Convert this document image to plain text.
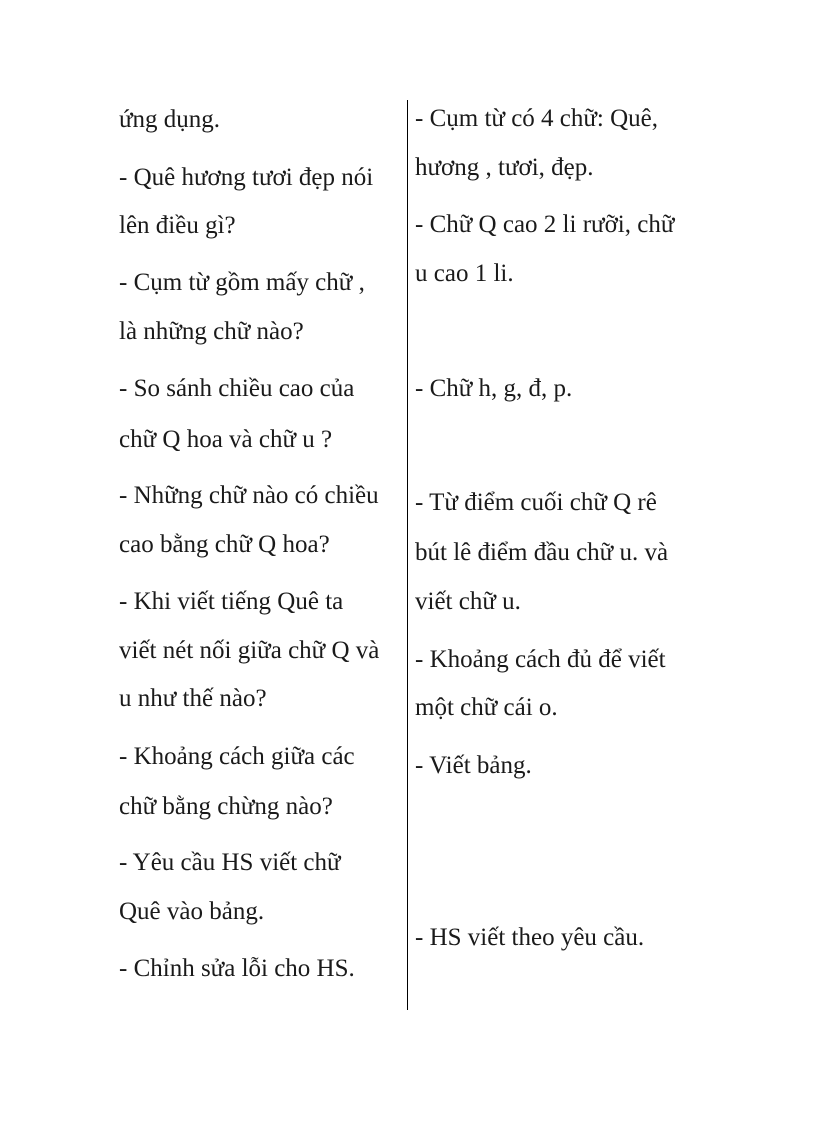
ứng dụng.
- Quê hương tươi đẹp nói
lên điều gì?
- Cụm từ gồm mấy chữ ,
là những chữ nào?
- So sánh chiều cao của
chữ Q hoa và chữ u ?
- Những chữ nào có chiều
cao bằng chữ Q hoa?
- Khi viết tiếng Quê ta
viết nét nối giữa chữ Q và
u như thế nào?
- Khoảng cách giữa các
chữ bằng chừng nào?
- Yêu cầu HS viết chữ
Quê vào bảng.
- Chỉnh sửa lỗi cho HS.
- Cụm từ có 4 chữ: Quê,
hương , tươi, đẹp.
- Chữ Q cao 2 li rưỡi, chữ
u cao 1 li.
- Chữ h, g, đ, p.
- Từ điểm cuối chữ Q rê
bút lê điểm đầu chữ u. và
viết chữ u.
- Khoảng cách đủ để viết
một chữ cái o.
- Viết bảng.
- HS viết theo yêu cầu.
